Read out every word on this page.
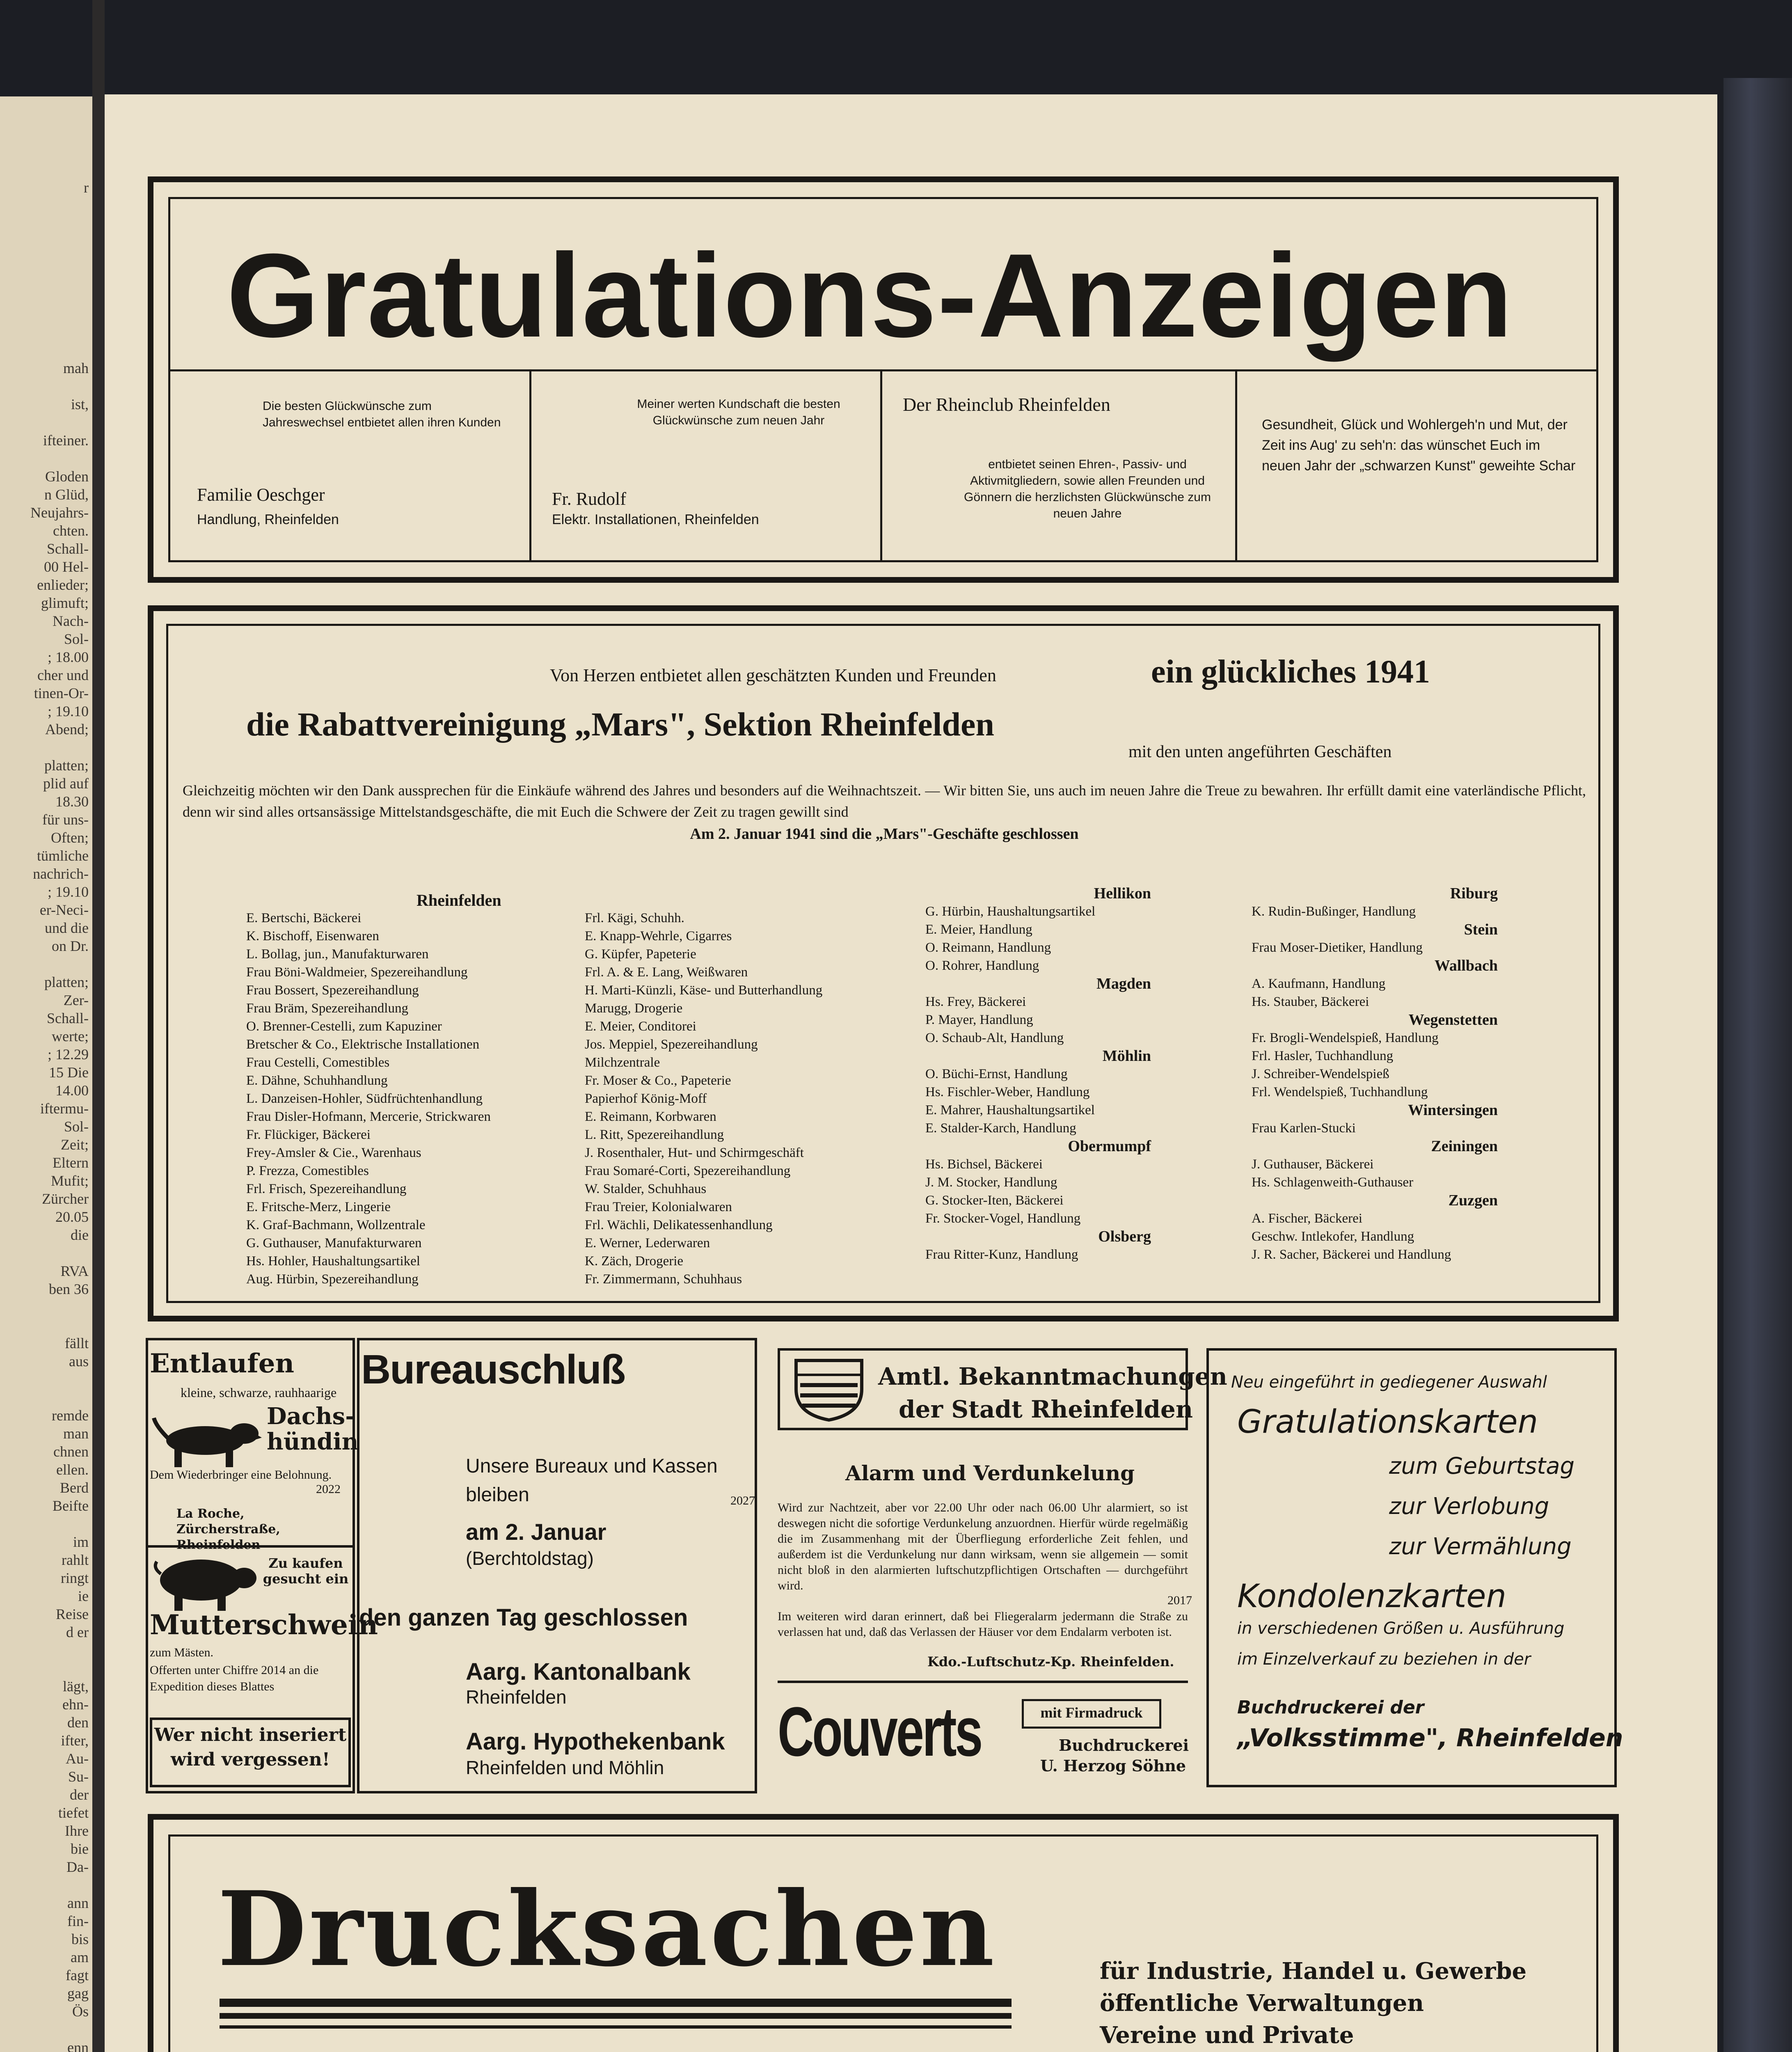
r
mah
ist,
ifteiner.
Gloden
n Glüd,
Neujahrs-
chten.
Schall-
00 Hel-
enlieder;
glimuft;
Nach-
Sol-
; 18.00
cher und
tinen-Or-
; 19.10
Abend;
platten;
plid auf
18.30
für uns-
Often;
tümliche
nachrich-
; 19.10
er-Neci-
und die
on Dr.
platten;
Zer-
Schall-
werte;
; 12.29
15 Die
14.00
iftermu-
Sol-
Zeit;
Eltern
Mufit;
Zürcher
20.05
die
RVA
ben 36
fällt
aus
remde
man
chnen
ellen.
Berd
Beifte
im
rahlt
ringt
ie
Reise
d er
lägt,
ehn-
den
ifter,
Au-
Su-
der
tiefet
Ihre
bie
Da-
ann
fin-
bis
am
fagt
gag
Ös
enn
Gratulations-Anzeigen
Die besten Glückwünsche zum Jahreswechsel entbietet allen ihren Kunden
Familie Oeschger
Handlung, Rheinfelden
Meiner werten Kundschaft die besten Glückwünsche zum neuen Jahr
Fr. Rudolf
Elektr. Installationen, Rheinfelden
Der Rheinclub Rheinfelden
entbietet seinen Ehren-, Passiv- und Aktivmitgliedern, sowie allen Freunden und Gönnern die herzlichsten Glückwünsche zum neuen Jahre
Gesundheit, Glück und Wohlergeh'n und Mut, der Zeit ins Aug' zu seh'n: das wünschet Euch im neuen Jahr der „schwarzen Kunst" geweihte Schar
Von Herzen entbietet allen geschätzten Kunden und Freunden	ein glückliches 1941
die Rabattvereinigung „Mars", Sektion Rheinfelden
mit den unten angeführten Geschäften
Gleichzeitig möchten wir den Dank aussprechen für die Einkäufe während des Jahres und besonders auf die Weihnachtszeit. — Wir bitten Sie, uns auch im neuen Jahre die Treue zu bewahren. Ihr erfüllt damit eine vaterländische Pflicht, denn wir sind alles ortsansässige Mittelstandsgeschäfte, die mit Euch die Schwere der Zeit zu tragen gewillt sind
Am 2. Januar 1941 sind die „Mars"-Geschäfte geschlossen
Rheinfelden
E. Bertschi, Bäckerei
K. Bischoff, Eisenwaren
L. Bollag, jun., Manufakturwaren
Frau Böni-Waldmeier, Spezereihandlung
Frau Bossert, Spezereihandlung
Frau Bräm, Spezereihandlung
O. Brenner-Cestelli, zum Kapuziner
Bretscher & Co., Elektrische Installationen
Frau Cestelli, Comestibles
E. Dähne, Schuhhandlung
L. Danzeisen-Hohler, Südfrüchtenhandlung
Frau Disler-Hofmann, Mercerie, Strickwaren
Fr. Flückiger, Bäckerei
Frey-Amsler & Cie., Warenhaus
P. Frezza, Comestibles
Frl. Frisch, Spezereihandlung
E. Fritsche-Merz, Lingerie
K. Graf-Bachmann, Wollzentrale
G. Guthauser, Manufakturwaren
Hs. Hohler, Haushaltungsartikel
Aug. Hürbin, Spezereihandlung
Frl. Kägi, Schuhh.
E. Knapp-Wehrle, Cigarres
G. Küpfer, Papeterie
Frl. A. & E. Lang, Weißwaren
H. Marti-Künzli, Käse- und Butterhandlung
Marugg, Drogerie
E. Meier, Conditorei
Jos. Meppiel, Spezereihandlung
Milchzentrale
Fr. Moser & Co., Papeterie
Papierhof König-Moff
E. Reimann, Korbwaren
L. Ritt, Spezereihandlung
J. Rosenthaler, Hut- und Schirmgeschäft
Frau Somaré-Corti, Spezereihandlung
W. Stalder, Schuhhaus
Frau Treier, Kolonialwaren
Frl. Wächli, Delikatessenhandlung
E. Werner, Lederwaren
K. Zäch, Drogerie
Fr. Zimmermann, Schuhhaus
Hellikon
G. Hürbin, Haushaltungsartikel
E. Meier, Handlung
O. Reimann, Handlung
O. Rohrer, Handlung
Magden
Hs. Frey, Bäckerei
P. Mayer, Handlung
O. Schaub-Alt, Handlung
Möhlin
O. Büchi-Ernst, Handlung
Hs. Fischler-Weber, Handlung
E. Mahrer, Haushaltungsartikel
E. Stalder-Karch, Handlung
Obermumpf
Hs. Bichsel, Bäckerei
J. M. Stocker, Handlung
G. Stocker-Iten, Bäckerei
Fr. Stocker-Vogel, Handlung
Olsberg
Frau Ritter-Kunz, Handlung
Riburg
K. Rudin-Bußinger, Handlung
Stein
Frau Moser-Dietiker, Handlung
Wallbach
A. Kaufmann, Handlung
Hs. Stauber, Bäckerei
Wegenstetten
Fr. Brogli-Wendelspieß, Handlung
Frl. Hasler, Tuchhandlung
J. Schreiber-Wendelspieß
Frl. Wendelspieß, Tuchhandlung
Wintersingen
Frau Karlen-Stucki
Zeiningen
J. Guthauser, Bäckerei
Hs. Schlagenweith-Guthauser
Zuzgen
A. Fischer, Bäckerei
Geschw. Intlekofer, Handlung
J. R. Sacher, Bäckerei und Handlung
Entlaufen
kleine, schwarze, rauhhaarige
Dachs-hündin
Dem Wiederbringer eine Belohnung.
2022
La Roche, Zürcherstraße,
Zu kaufen gesucht ein
Mutterschwein
zum Mästen.
Offerten unter Chiffre 2014 an die Expedition dieses Blattes
Wer nicht inseriert wird vergessen!
Bureauschluß
Unsere Bureaux und Kassen
bleiben	2027
am 2. Januar
(Berchtoldstag)
den ganzen Tag geschlossen
Aarg. Kantonalbank
Rheinfelden
Aarg. Hypothekenbank
Rheinfelden und Möhlin
Amtl. Bekanntmachungen
der Stadt Rheinfelden
Alarm und Verdunkelung
Wird zur Nachtzeit, aber vor 22.00 Uhr oder nach 06.00 Uhr alarmiert, so ist deswegen nicht die sofortige Verdunkelung anzuordnen. Hierfür würde regelmäßig die im Zusammenhang mit der Überfliegung erforderliche Zeit fehlen, und außerdem ist die Verdunkelung nur dann wirksam, wenn sie allgemein — somit nicht bloß in den alarmierten luftschutzpflichtigen Ortschaften — durchgeführt wird.
2017
Im weiteren wird daran erinnert, daß bei Fliegeralarm jedermann die Straße zu verlassen hat und, daß das Verlassen der Häuser vor dem Endalarm verboten ist.
Kdo.-Luftschutz-Kp. Rheinfelden.
Couverts	mit Firmadruck
Buchdruckerei
U. Herzog Söhne
Neu eingeführt in gediegener Auswahl
Gratulationskarten
zum Geburtstag
zur Verlobung
zur Vermählung
Kondolenzkarten
in verschiedenen Größen u. Ausführung
im Einzelverkauf zu beziehen in der
Buchdruckerei der
„Volksstimme", Rheinfelden
Drucksachen	für Industrie, Handel u. Gewerbe
öffentliche Verwaltungen
Vereine und Private
